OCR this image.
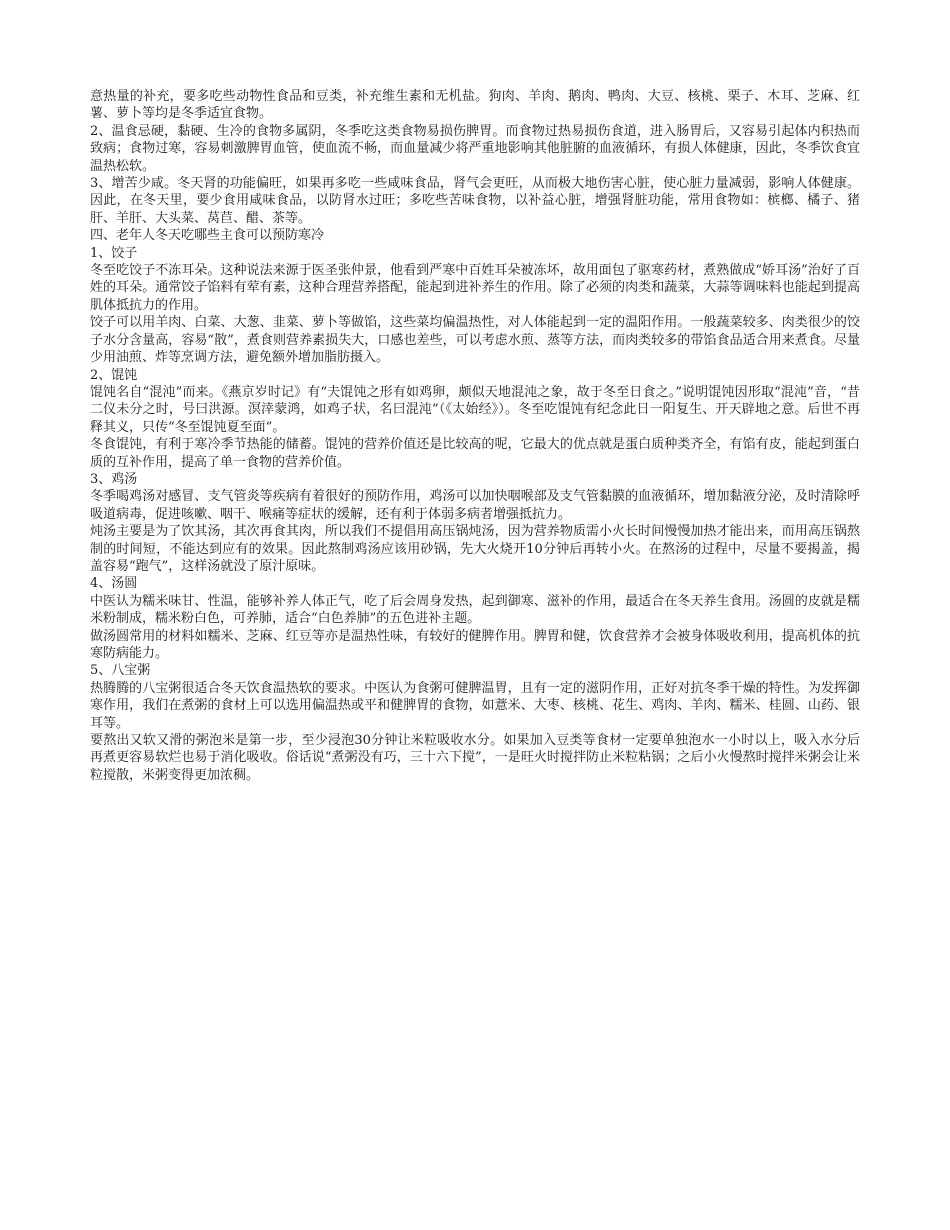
意热量的补充，要多吃些动物性食品和豆类，补充维生素和无机盐。狗肉、羊肉、鹅肉、鸭肉、大豆、核桃、栗子、木耳、芝麻、红薯、萝卜等均是冬季适宜食物。

2、温食忌硬，黏硬、生冷的食物多属阴，冬季吃这类食物易损伤脾胃。而食物过热易损伤食道，进入肠胃后，又容易引起体内积热而致病；食物过寒，容易刺激脾胃血管，使血流不畅，而血量减少将严重地影响其他脏腑的血液循环，有损人体健康，因此，冬季饮食宜温热松软。

3、增苦少咸。冬天肾的功能偏旺，如果再多吃一些咸味食品，肾气会更旺，从而极大地伤害心脏，使心脏力量减弱，影响人体健康。因此，在冬天里，要少食用咸味食品，以防肾水过旺；多吃些苦味食物，以补益心脏，增强肾脏功能，常用食物如：槟榔、橘子、猪肝、羊肝、大头菜、莴苣、醋、茶等。

四、老年人冬天吃哪些主食可以预防寒冷

1、饺子

冬至吃饺子不冻耳朵。这种说法来源于医圣张仲景，他看到严寒中百姓耳朵被冻坏，故用面包了驱寒药材，煮熟做成“娇耳汤”治好了百姓的耳朵。通常饺子馅料有荤有素，这种合理营养搭配，能起到进补养生的作用。除了必须的肉类和蔬菜，大蒜等调味料也能起到提高肌体抵抗力的作用。

饺子可以用羊肉、白菜、大葱、韭菜、萝卜等做馅，这些菜均偏温热性，对人体能起到一定的温阳作用。一般蔬菜较多、肉类很少的饺子水分含量高，容易“散”，煮食则营养素损失大，口感也差些，可以考虑水煎、蒸等方法，而肉类较多的带馅食品适合用来煮食。尽量少用油煎、炸等烹调方法，避免额外增加脂肪摄入。

2、馄饨

馄饨名自“混沌”而来。《燕京岁时记》有“夫馄饨之形有如鸡卵，颇似天地混沌之象，故于冬至日食之。”说明馄饨因形取“混沌”音，“昔二仪未分之时，号曰洪源。溟涬蒙鸿，如鸡子状，名曰混沌”（《太始经》）。冬至吃馄饨有纪念此日一阳复生、开天辟地之意。后世不再释其义，只传“冬至馄饨夏至面”。

冬食馄饨，有利于寒冷季节热能的储蓄。馄饨的营养价值还是比较高的呢，它最大的优点就是蛋白质种类齐全，有馅有皮，能起到蛋白质的互补作用，提高了单一食物的营养价值。

3、鸡汤

冬季喝鸡汤对感冒、支气管炎等疾病有着很好的预防作用，鸡汤可以加快咽喉部及支气管黏膜的血液循环，增加黏液分泌，及时清除呼吸道病毒，促进咳嗽、咽干、喉痛等症状的缓解，还有利于体弱多病者增强抵抗力。

炖汤主要是为了饮其汤，其次再食其肉，所以我们不提倡用高压锅炖汤，因为营养物质需小火长时间慢慢加热才能出来，而用高压锅熬制的时间短，不能达到应有的效果。因此熬制鸡汤应该用砂锅，先大火烧开10分钟后再转小火。在熬汤的过程中，尽量不要揭盖，揭盖容易“跑气”，这样汤就没了原汁原味。

4、汤圆

中医认为糯米味甘、性温，能够补养人体正气，吃了后会周身发热，起到御寒、滋补的作用，最适合在冬天养生食用。汤圆的皮就是糯米粉制成，糯米粉白色，可养肺，适合“白色养肺”的五色进补主题。

做汤圆常用的材料如糯米、芝麻、红豆等亦是温热性味，有较好的健脾作用。脾胃和健，饮食营养才会被身体吸收利用，提高机体的抗寒防病能力。

5、八宝粥

热腾腾的八宝粥很适合冬天饮食温热软的要求。中医认为食粥可健脾温胃，且有一定的滋阴作用，正好对抗冬季干燥的特性。为发挥御寒作用，我们在煮粥的食材上可以选用偏温热或平和健脾胃的食物，如薏米、大枣、核桃、花生、鸡肉、羊肉、糯米、桂圆、山药、银耳等。

要熬出又软又滑的粥泡米是第一步，至少浸泡30分钟让米粒吸收水分。如果加入豆类等食材一定要单独泡水一小时以上，吸入水分后再煮更容易软烂也易于消化吸收。俗话说“煮粥没有巧，三十六下搅”，一是旺火时搅拌防止米粒粘锅；之后小火慢熬时搅拌米粥会让米粒搅散，米粥变得更加浓稠。
